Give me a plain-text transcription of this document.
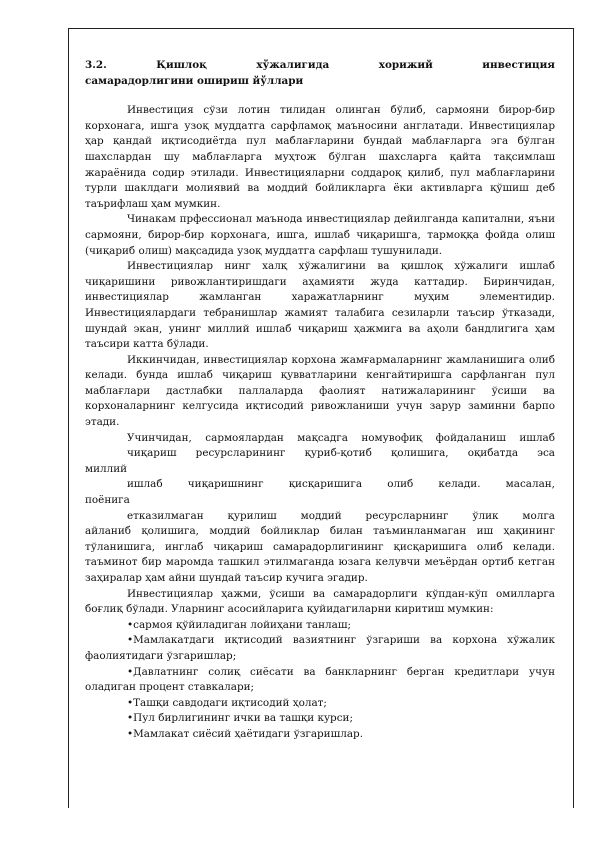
3.2. Қишлоқ хўжалигида хорижий инвестиция

самарадорлигини ошириш йўллари

Инвестиция сўзи лотин тилидан олинган бўлиб, сармояни бирор-бир корхонага, ишга узоқ муддатга сарфламоқ маъносини англатади. Инвестициялар ҳар қандай иқтисодиётда пул маблағларини бундай маблағларга эга бўлган шахслардан шу маблағларга муҳтож бўлган шахсларга қайта тақсимлаш жараёнида содир этилади. Инвестицияларни соддароқ қилиб, пул маблағларини турли шаклдаги молиявий ва моддий бойликларга ёки активларга қўшиш деб таърифлаш ҳам мумкин.

Чинакам прфессионал маънода инвестициялар дейилганда капитални, яъни сармояни, бирор-бир корхонага, ишга, ишлаб чиқаришга, тармоққа фойда олиш (чиқариб олиш) мақсадида узоқ муддатга сарфлаш тушунилади.

Инвестициялар нинг халқ хўжалигини ва қишлоқ хўжалиги ишлаб чиқаришини ривожлантиришдаги аҳамияти жуда каттадир. Биринчидан, инвестициялар жамланган харажатларнинг муҳим элементидир. Инвестициялардаги тебранишлар жамият талабига сезиларли таъсир ўтказади, шундай экан, унинг миллий ишлаб чиқариш ҳажмига ва аҳоли бандлигига ҳам таъсири катта бўлади.

Иккинчидан, инвестициялар корхона жамғармаларнинг жамланишига олиб келади. бунда ишлаб чиқариш қувватларини кенгайтиришга сарфланган пул маблағлари дастлабки паллаларда фаолият натижаларининг ўсиши ва корхоналарнинг келгусида иқтисодий ривожланиши учун зарур заминни барпо этади.

Учинчидан, сармоялардан мақсадга номувофиқ фойдаланиш ишлаб

чиқариш ресурсларининг қуриб-қотиб қолишига, оқибатда эса

миллий

ишлаб чиқаришнинг қисқаришига олиб келади. масалан,

поёнига

етказилмаган қурилиш моддий ресурсларнинг ўлик молга

айланиб қолишига, моддий бойликлар билан таъминланмаган иш ҳақининг тўланишига, инглаб чиқариш самарадорлигининг қисқаришига олиб келади. таъминот бир маромда ташкил этилмаганда юзага келувчи меъёрдан ортиб кетган заҳиралар ҳам айни шундай таъсир кучига эгадир.

Инвестициялар ҳажми, ўсиши ва самарадорлиги кўпдан-кўп омилларга боғлиқ бўлади. Уларнинг асосийларига қуйидагиларни киритиш мумкин:

•сармоя қўйиладиган лойиҳани танлаш;

•Мамлакатдаги иқтисодий вазиятнинг ўзгариши ва корхона хўжалик фаолиятидаги ўзгаришлар;

•Давлатнинг солиқ сиёсати ва банкларнинг берган кредитлари учун оладиган процент ставкалари;

•Ташқи савдодаги иқтисодий ҳолат;

•Пул бирлигининг ички ва ташқи курси;

•Мамлакат сиёсий ҳаётидаги ўзгаришлар.
